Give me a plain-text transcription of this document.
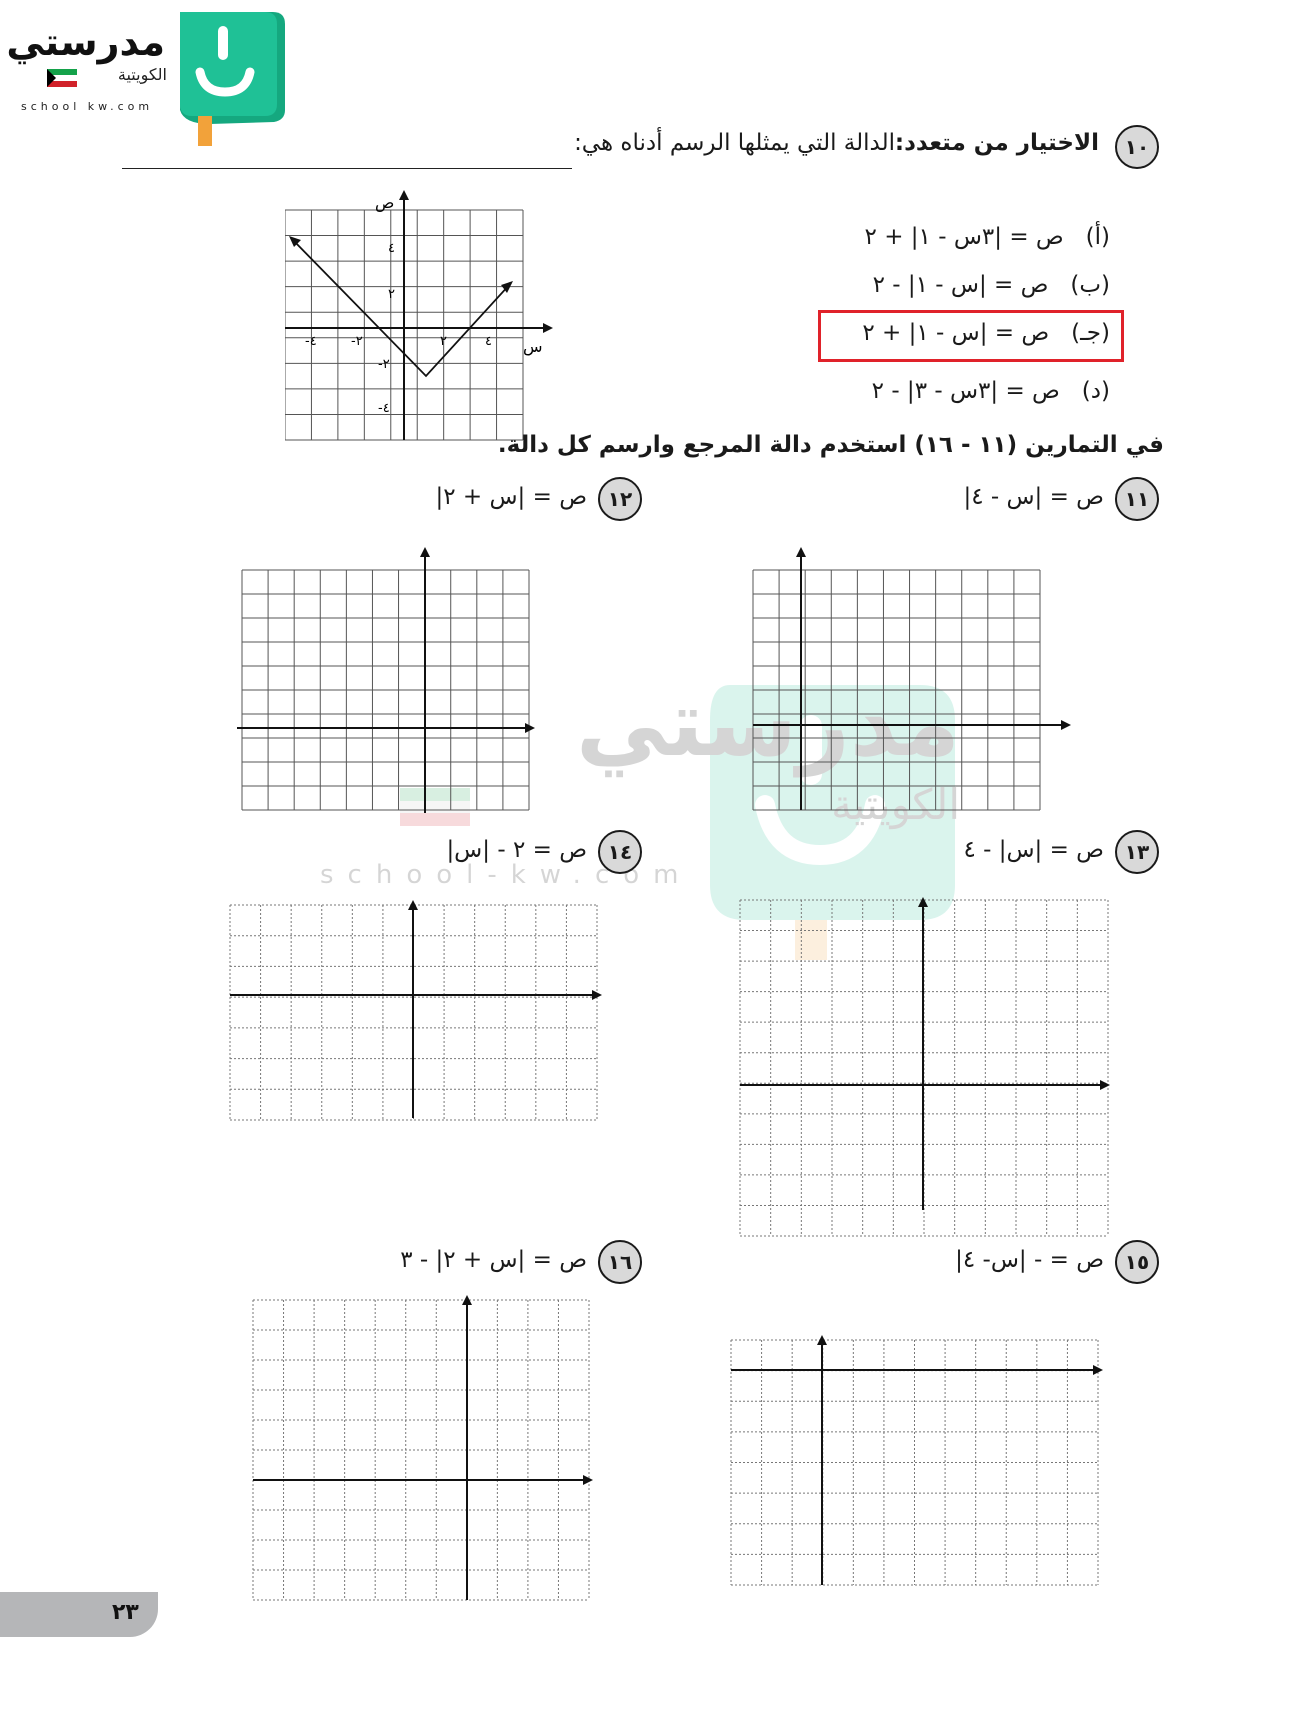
مدرستي
الكويتية
school kw.com
مدرستي
الكويتية
school-kw.com
١٠
الاختيار من متعدد:
الدالة التي يمثلها الرسم أدناه هي:
(أ)   ص = |٣س - ١| + ٢
(ب)   ص = |س - ١| - ٢
(جـ)   ص = |س - ١| + ٢
(د)   ص = |٣س - ٣| - ٢
س
ص
-٤	-٢	٢	٤
٤
٢
-٢
-٤
في التمارين (١١ - ١٦) استخدم دالة المرجع وارسم كل دالة.
١١
ص = |س - ٤|
١٢
ص = |س + ٢|
١٣
ص = |س| - ٤
١٤
ص = ٢ - |س|
١٥
ص = - |س- ٤|
١٦
ص = |س + ٢| - ٣
٢٣
